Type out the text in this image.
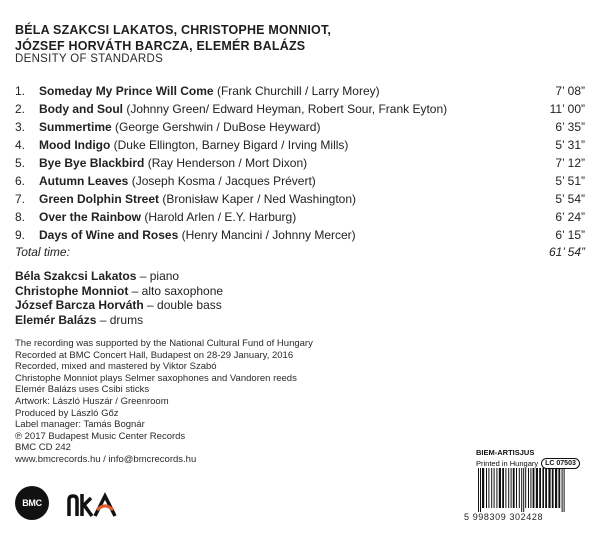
BÉLA SZAKCSI LAKATOS, CHRISTOPHE MONNIOT,
JÓZSEF HORVÁTH BARCZA, ELEMÉR BALÁZS
DENSITY OF STANDARDS
1.	Someday My Prince Will Come (Frank Churchill / Larry Morey)	7’ 08”
2.	Body and Soul (Johnny Green/ Edward Heyman, Robert Sour, Frank Eyton)	11’ 00”
3.	Summertime (George Gershwin / DuBose Heyward)	6’ 35”
4.	Mood Indigo (Duke Ellington, Barney Bigard / Irving Mills)	5’ 31”
5.	Bye Bye Blackbird (Ray Henderson / Mort Dixon)	7’ 12”
6.	Autumn Leaves (Joseph Kosma / Jacques Prévert)	5’ 51”
7.	Green Dolphin Street (Bronisław Kaper / Ned Washington)	5’ 54”
8.	Over the Rainbow (Harold Arlen / E.Y. Harburg)	6’ 24”
9.	Days of Wine and Roses (Henry Mancini / Johnny Mercer)	6’ 15”
Total time:	61’ 54”
Béla Szakcsi Lakatos – piano
Christophe Monniot – alto saxophone
József Barcza Horváth – double bass
Elemér Balázs – drums
The recording was supported by the National Cultural Fund of Hungary
Recorded at BMC Concert Hall, Budapest on 28-29 January, 2016
Recorded, mixed and mastered by Viktor Szabó
Christophe Monniot plays Selmer saxophones and Vandoren reeds
Elemér Balázs uses Csibi sticks
Artwork: László Huszár / Greenroom
Produced by László Gőz
Label manager: Tamás Bognár
℗ 2017 Budapest Music Center Records
BMC CD 242
www.bmcrecords.hu / info@bmcrecords.hu
BMC
nka
BIEM-ARTISJUS
Printed in Hungary	LC 07503
5 998309 302428
